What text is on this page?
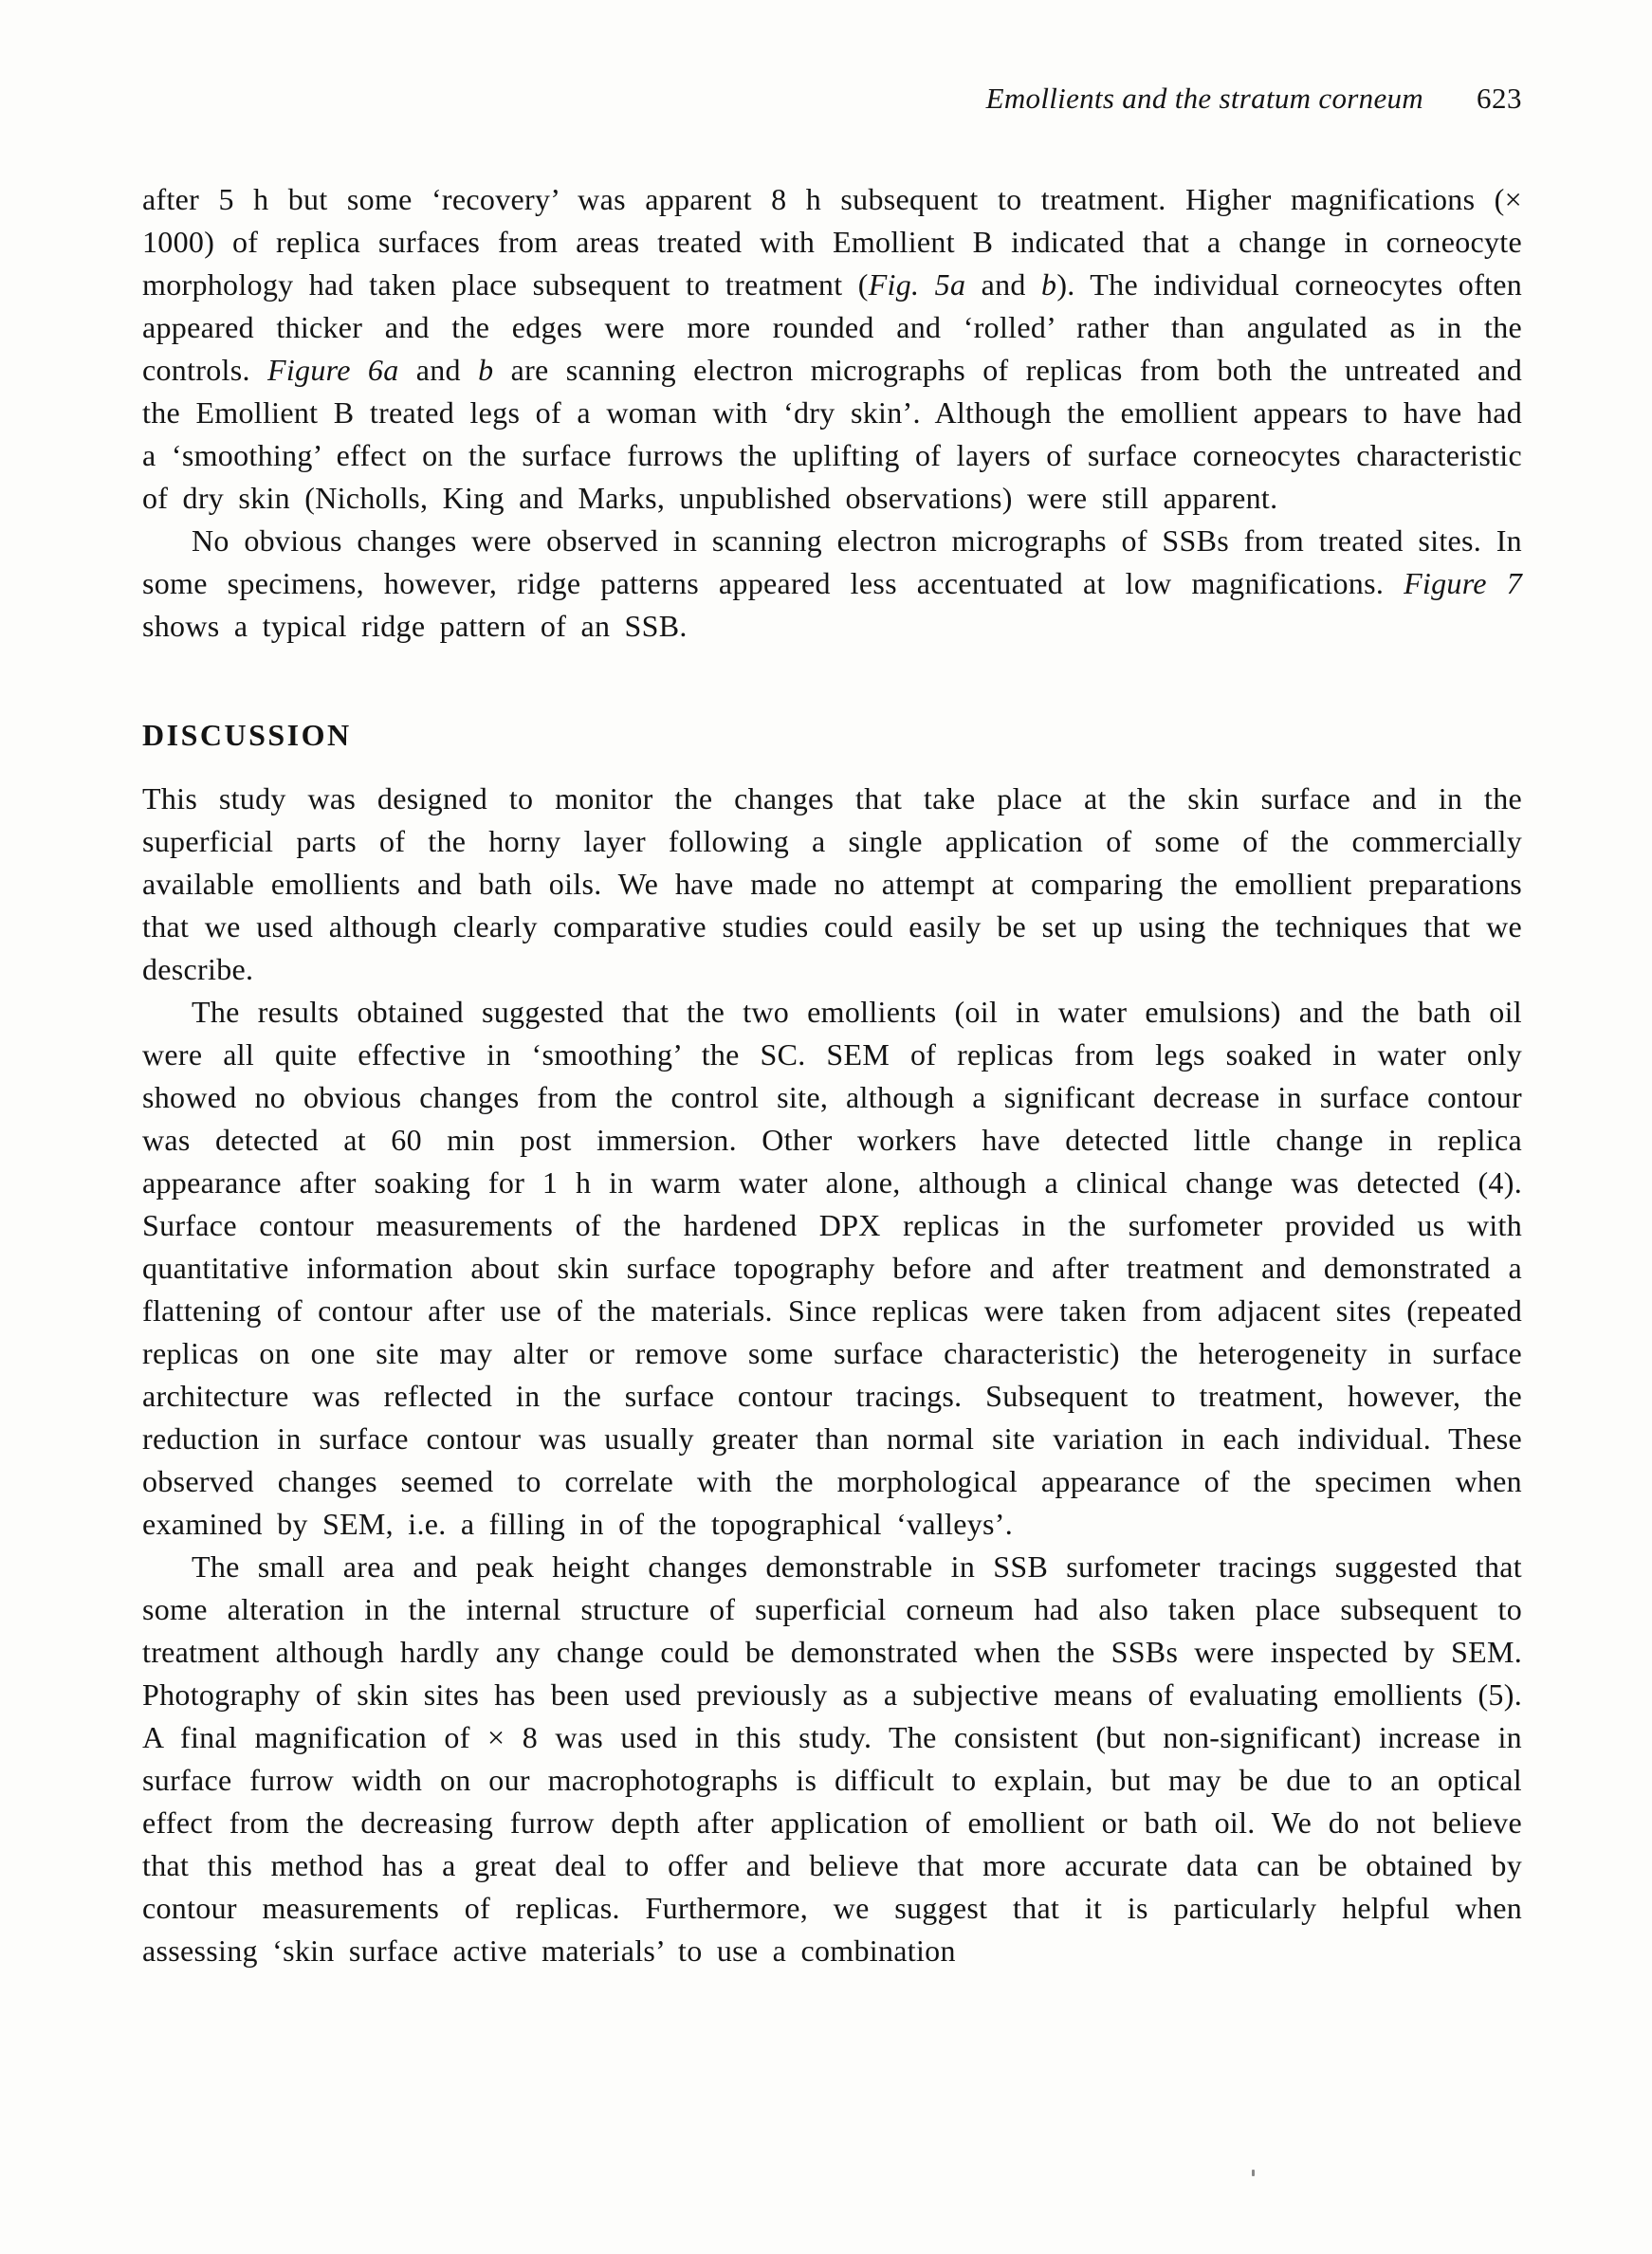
Emollients and the stratum corneum 623

after 5 h but some ‘recovery’ was apparent 8 h subsequent to treatment. Higher magnifications (× 1000) of replica surfaces from areas treated with Emollient B indicated that a change in corneocyte morphology had taken place subsequent to treatment (Fig. 5a and b). The individual corneocytes often appeared thicker and the edges were more rounded and ‘rolled’ rather than angulated as in the controls. Figure 6a and b are scanning electron micrographs of replicas from both the untreated and the Emollient B treated legs of a woman with ‘dry skin’. Although the emollient appears to have had a ‘smoothing’ effect on the surface furrows the uplifting of layers of surface corneocytes characteristic of dry skin (Nicholls, King and Marks, unpublished observations) were still apparent.

No obvious changes were observed in scanning electron micrographs of SSBs from treated sites. In some specimens, however, ridge patterns appeared less accentuated at low magnifications. Figure 7 shows a typical ridge pattern of an SSB.

DISCUSSION

This study was designed to monitor the changes that take place at the skin surface and in the superficial parts of the horny layer following a single application of some of the commercially available emollients and bath oils. We have made no attempt at comparing the emollient preparations that we used although clearly comparative studies could easily be set up using the techniques that we describe.

The results obtained suggested that the two emollients (oil in water emulsions) and the bath oil were all quite effective in ‘smoothing’ the SC. SEM of replicas from legs soaked in water only showed no obvious changes from the control site, although a significant decrease in surface contour was detected at 60 min post immersion. Other workers have detected little change in replica appearance after soaking for 1 h in warm water alone, although a clinical change was detected (4). Surface contour measurements of the hardened DPX replicas in the surfometer provided us with quantitative information about skin surface topography before and after treatment and demonstrated a flattening of contour after use of the materials. Since replicas were taken from adjacent sites (repeated replicas on one site may alter or remove some surface characteristic) the heterogeneity in surface architecture was reflected in the surface contour tracings. Subsequent to treatment, however, the reduction in surface contour was usually greater than normal site variation in each individual. These observed changes seemed to correlate with the morphological appearance of the specimen when examined by SEM, i.e. a filling in of the topographical ‘valleys’.

The small area and peak height changes demonstrable in SSB surfometer tracings suggested that some alteration in the internal structure of superficial corneum had also taken place subsequent to treatment although hardly any change could be demonstrated when the SSBs were inspected by SEM. Photography of skin sites has been used previously as a subjective means of evaluating emollients (5). A final magnification of × 8 was used in this study. The consistent (but non-significant) increase in surface furrow width on our macrophotographs is difficult to explain, but may be due to an optical effect from the decreasing furrow depth after application of emollient or bath oil. We do not believe that this method has a great deal to offer and believe that more accurate data can be obtained by contour measurements of replicas. Furthermore, we suggest that it is particularly helpful when assessing ‘skin surface active materials’ to use a combination
